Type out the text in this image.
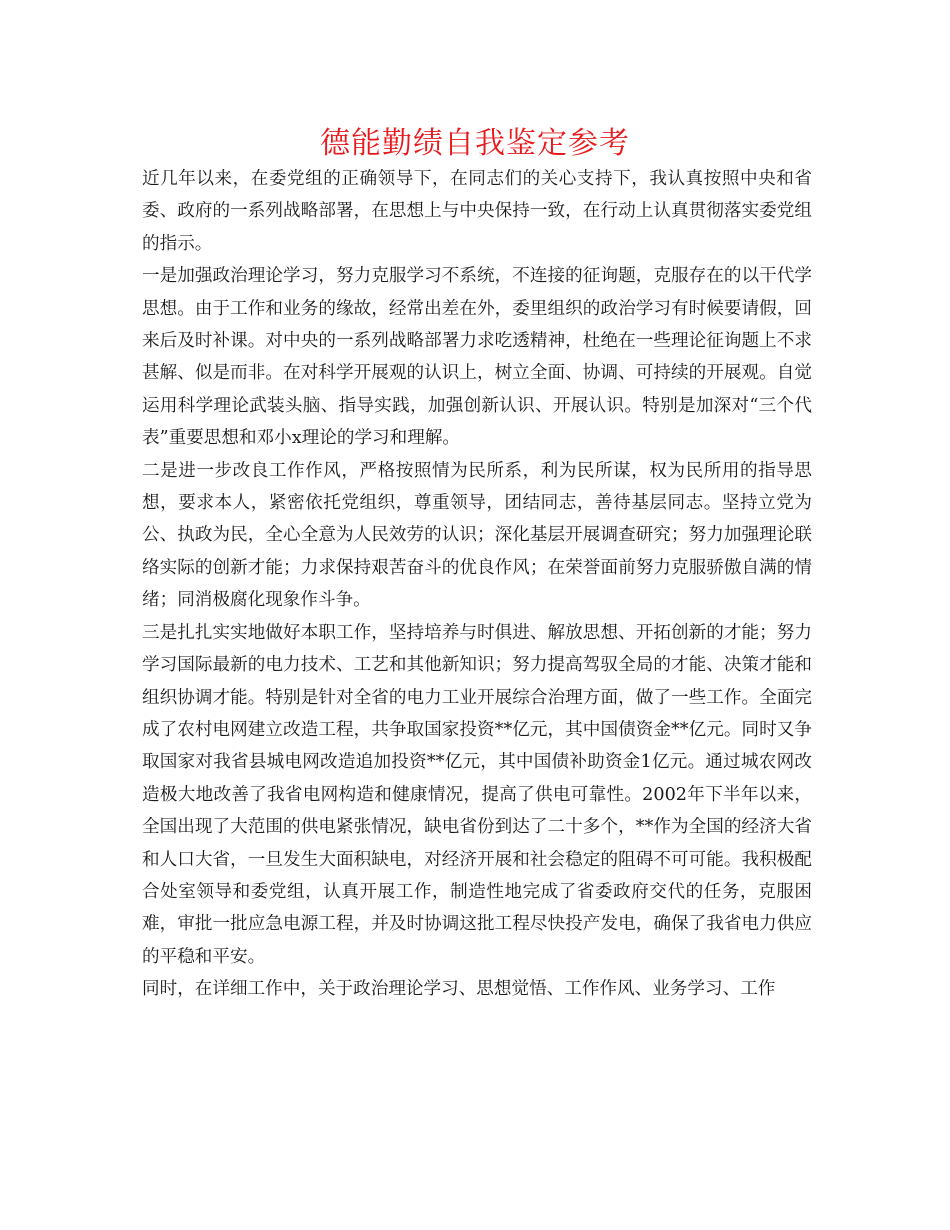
德能勤绩自我鉴定参考

近几年以来，在委党组的正确领导下，在同志们的关心支持下，我认真按照中央和省委、政府的一系列战略部署，在思想上与中央保持一致，在行动上认真贯彻落实委党组的指示。

一是加强政治理论学习，努力克服学习不系统，不连接的征询题，克服存在的以干代学思想。由于工作和业务的缘故，经常出差在外，委里组织的政治学习有时候要请假，回来后及时补课。对中央的一系列战略部署力求吃透精神，杜绝在一些理论征询题上不求甚解、似是而非。在对科学开展观的认识上，树立全面、协调、可持续的开展观。自觉运用科学理论武装头脑、指导实践，加强创新认识、开展认识。特别是加深对“三个代表”重要思想和邓小x理论的学习和理解。

二是进一步改良工作作风，严格按照情为民所系，利为民所谋，权为民所用的指导思想，要求本人，紧密依托党组织，尊重领导，团结同志，善待基层同志。坚持立党为公、执政为民，全心全意为人民效劳的认识；深化基层开展调查研究；努力加强理论联络实际的创新才能；力求保持艰苦奋斗的优良作风；在荣誉面前努力克服骄傲自满的情绪；同消极腐化现象作斗争。

三是扎扎实实地做好本职工作，坚持培养与时俱进、解放思想、开拓创新的才能；努力学习国际最新的电力技术、工艺和其他新知识；努力提高驾驭全局的才能、决策才能和组织协调才能。特别是针对全省的电力工业开展综合治理方面，做了一些工作。全面完成了农村电网建立改造工程，共争取国家投资**亿元，其中国债资金**亿元。同时又争取国家对我省县城电网改造追加投资**亿元，其中国债补助资金1亿元。通过城农网改造极大地改善了我省电网构造和健康情况，提高了供电可靠性。2002年下半年以来，全国出现了大范围的供电紧张情况，缺电省份到达了二十多个，**作为全国的经济大省和人口大省，一旦发生大面积缺电，对经济开展和社会稳定的阻碍不可可能。我积极配合处室领导和委党组，认真开展工作，制造性地完成了省委政府交代的任务，克服困难，审批一批应急电源工程，并及时协调这批工程尽快投产发电，确保了我省电力供应的平稳和平安。

同时，在详细工作中，关于政治理论学习、思想觉悟、工作作风、业务学习、工作
